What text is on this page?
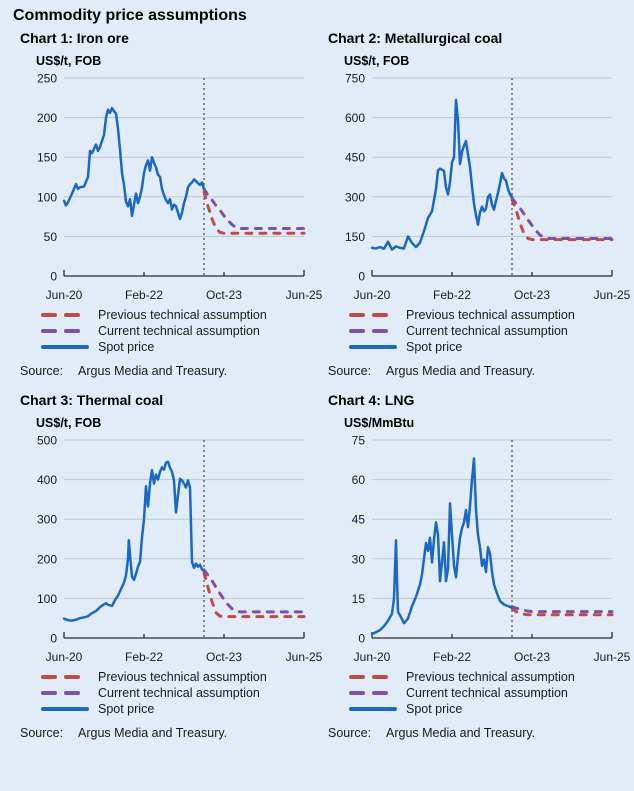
Commodity price assumptions
Chart 1: Iron ore
US$/t, FOB
0
50
100
150
200
250
Jun-20	Feb-22	Oct-23	Jun-25
Previous technical assumption
Current technical assumption
Spot price
Source:	Argus Media and Treasury.
Chart 2: Metallurgical coal
US$/t, FOB
0
150
300
450
600
750
Jun-20	Feb-22	Oct-23	Jun-25
Previous technical assumption
Current technical assumption
Spot price
Source:	Argus Media and Treasury.
Chart 3: Thermal coal
US$/t, FOB
0
100
200
300
400
500
Jun-20	Feb-22	Oct-23	Jun-25
Previous technical assumption
Current technical assumption
Spot price
Source:	Argus Media and Treasury.
Chart 4: LNG
US$/MmBtu
0
15
30
45
60
75
Jun-20	Feb-22	Oct-23	Jun-25
Previous technical assumption
Current technical assumption
Spot price
Source:	Argus Media and Treasury.
